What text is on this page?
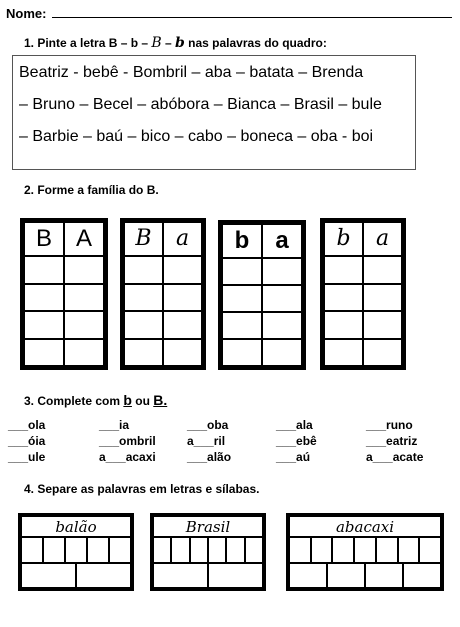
Nome:
1. Pinte a letra B – b – B – b nas palavras do quadro:
Beatriz - bebê - Bombril – aba – batata – Brenda
– Bruno – Becel – abóbora – Bianca – Brasil – bule
– Barbie – baú – bico – cabo – boneca – oba - boi
2. Forme a família do B.
B A	B	a	b	a	b	a
3. Complete com b ou B.
___ola	___ia	___oba	___ala	___runo
___óia	___ombril	a___ril	___ebê	___eatriz
___ule	a___acaxi	___alão	___aú	a___acate
4. Separe as palavras em letras e sílabas.
balão	Brasil	abacaxi
